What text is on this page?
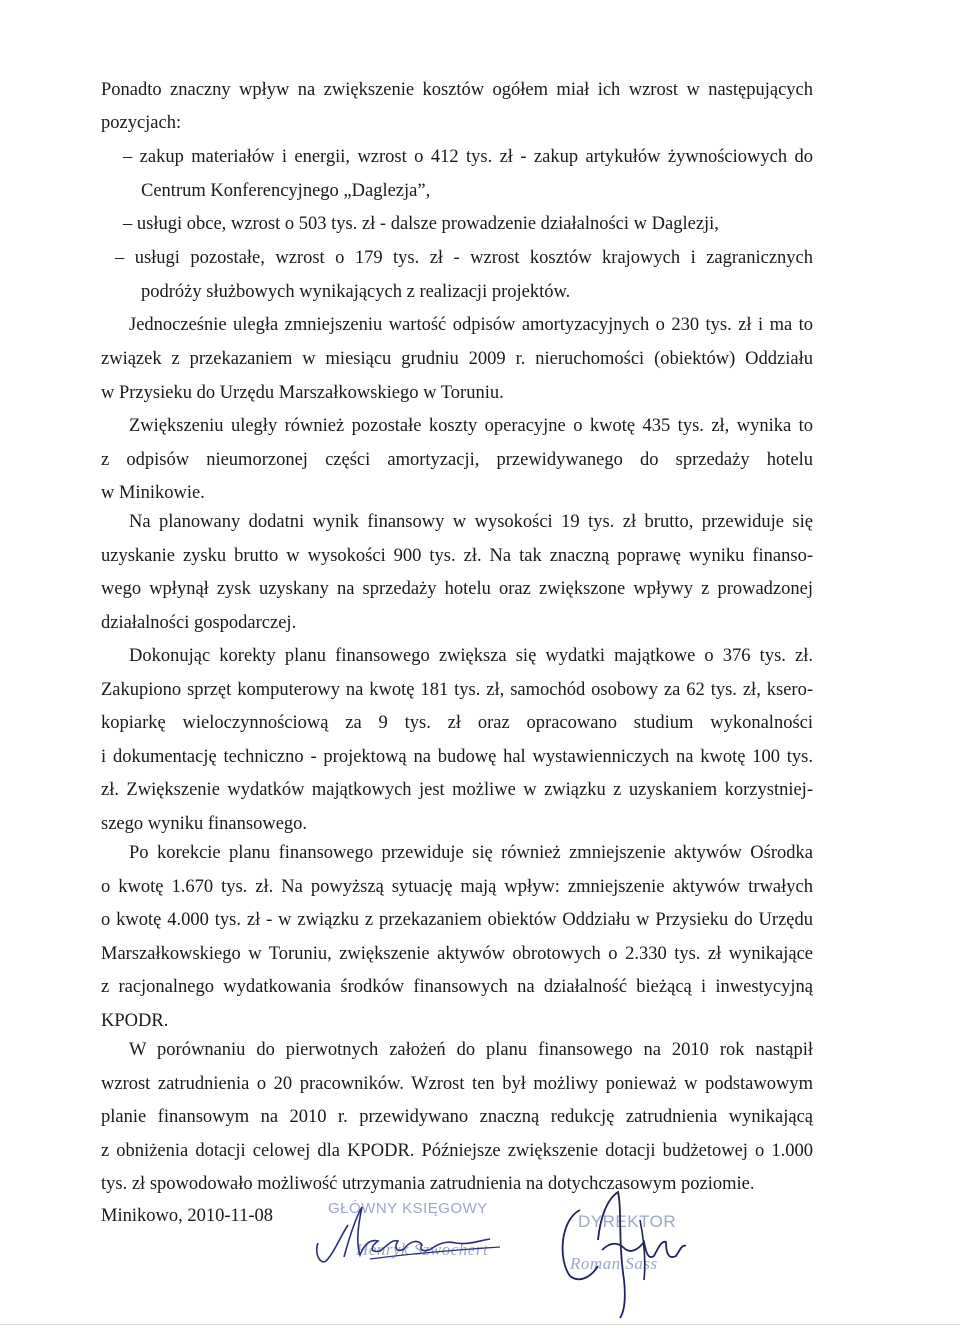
Ponadto znaczny wpływ na zwiększenie kosztów ogółem miał ich wzrost w następujących

pozycjach:

– zakup materiałów i energii, wzrost o 412 tys. zł - zakup artykułów żywnościowych do

Centrum Konferencyjnego „Daglezja”,

– usługi obce, wzrost o 503 tys. zł - dalsze prowadzenie działalności w Daglezji,

– usługi pozostałe, wzrost o 179 tys. zł - wzrost kosztów krajowych i zagranicznych

podróży służbowych wynikających z realizacji projektów.

Jednocześnie uległa zmniejszeniu wartość odpisów amortyzacyjnych o 230 tys. zł i ma to

związek z przekazaniem w miesiącu grudniu 2009 r. nieruchomości (obiektów) Oddziału

w Przysieku do Urzędu Marszałkowskiego w Toruniu.

Zwiększeniu uległy również pozostałe koszty operacyjne o kwotę 435 tys. zł, wynika to

z odpisów nieumorzonej części amortyzacji, przewidywanego do sprzedaży hotelu

w Minikowie.

Na planowany dodatni wynik finansowy w wysokości 19 tys. zł brutto, przewiduje się

uzyskanie zysku brutto w wysokości 900 tys. zł. Na tak znaczną poprawę wyniku finanso-

wego wpłynął zysk uzyskany na sprzedaży hotelu oraz zwiększone wpływy z prowadzonej

działalności gospodarczej.

Dokonując korekty planu finansowego zwiększa się wydatki majątkowe o 376 tys. zł.

Zakupiono sprzęt komputerowy na kwotę 181 tys. zł, samochód osobowy za 62 tys. zł, ksero-

kopiarkę wieloczynnościową za 9 tys. zł oraz opracowano studium wykonalności

i dokumentację techniczno - projektową na budowę hal wystawienniczych na kwotę 100 tys.

zł. Zwiększenie wydatków majątkowych jest możliwe w związku z uzyskaniem korzystniej-

szego wyniku finansowego.

Po korekcie planu finansowego przewiduje się również zmniejszenie aktywów Ośrodka

o kwotę 1.670 tys. zł. Na powyższą sytuację mają wpływ: zmniejszenie aktywów trwałych

o kwotę 4.000 tys. zł - w związku z przekazaniem obiektów Oddziału w Przysieku do Urzędu

Marszałkowskiego w Toruniu, zwiększenie aktywów obrotowych o 2.330 tys. zł wynikające

z racjonalnego wydatkowania środków finansowych na działalność bieżącą i inwestycyjną

KPODR.

W porównaniu do pierwotnych założeń do planu finansowego na 2010 rok nastąpił

wzrost zatrudnienia o 20 pracowników. Wzrost ten był możliwy ponieważ w podstawowym

planie finansowym na 2010 r. przewidywano znaczną redukcję zatrudnienia wynikającą

z obniżenia dotacji celowej dla KPODR. Późniejsze zwiększenie dotacji budżetowej o 1.000

tys. zł spowodowało możliwość utrzymania zatrudnienia na dotychczasowym poziomie.

Minikowo, 2010-11-08	GŁÓWNY KSIĘGOWY
Henryk Szwochert
DYREKTOR
Roman Sass
